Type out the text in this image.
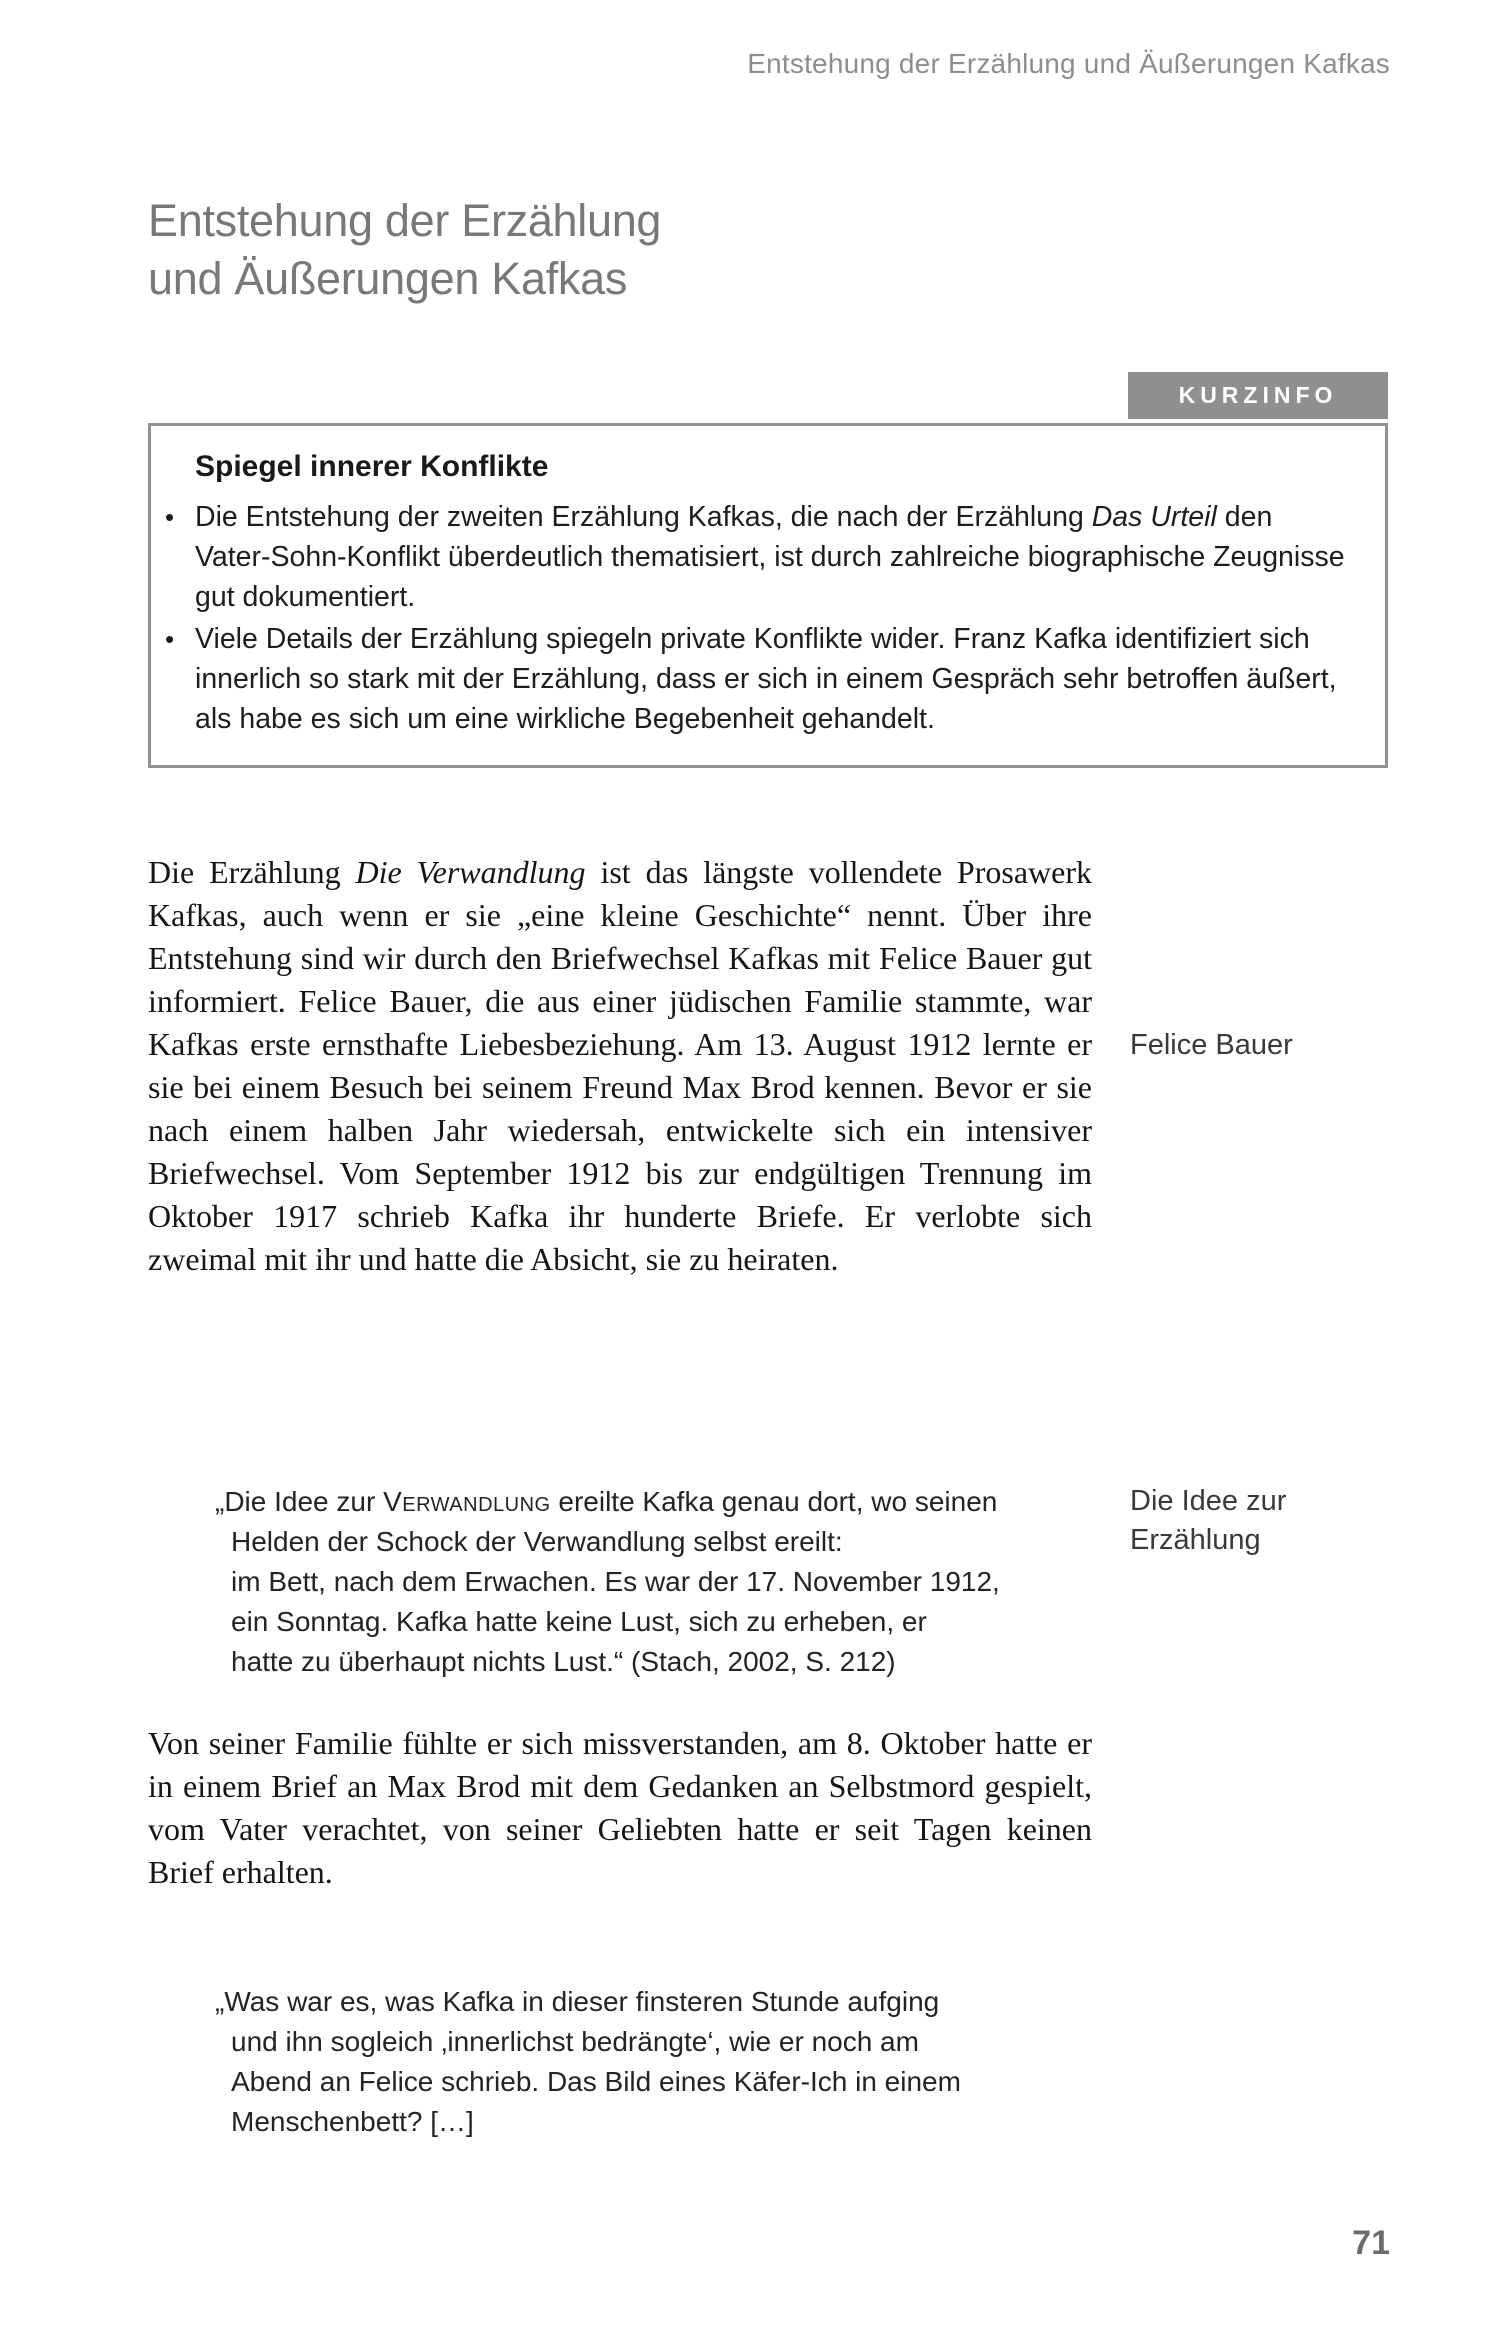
Entstehung der Erzählung und Äußerungen Kafkas
Entstehung der Erzählung
und Äußerungen Kafkas
KURZINFO
Spiegel innerer Konflikte
• Die Entstehung der zweiten Erzählung Kafkas, die nach der Erzählung Das Urteil den Vater-Sohn-Konflikt überdeutlich thematisiert, ist durch zahlreiche biographische Zeugnisse gut dokumentiert.
• Viele Details der Erzählung spiegeln private Konflikte wider. Franz Kafka identifiziert sich innerlich so stark mit der Erzählung, dass er sich in einem Gespräch sehr betroffen äußert, als habe es sich um eine wirkliche Begebenheit gehandelt.

Die Erzählung Die Verwandlung ist das längste vollendete Prosawerk Kafkas, auch wenn er sie „eine kleine Geschichte“ nennt. Über ihre Entstehung sind wir durch den Briefwechsel Kafkas mit Felice Bauer gut informiert. Felice Bauer, die aus einer jüdischen Familie stammte, war Kafkas erste ernsthafte Liebesbeziehung. Am 13. August 1912 lernte er sie bei einem Besuch bei seinem Freund Max Brod kennen. Bevor er sie nach einem halben Jahr wiedersah, entwickelte sich ein intensiver Briefwechsel. Vom September 1912 bis zur endgültigen Trennung im Oktober 1917 schrieb Kafka ihr hunderte Briefe. Er verlobte sich zweimal mit ihr und hatte die Absicht, sie zu heiraten.

Felice Bauer
„Die Idee zur Verwandlung ereilte Kafka genau dort, wo seinen
Helden der Schock der Verwandlung selbst ereilt:
im Bett, nach dem Erwachen. Es war der 17. November 1912,
ein Sonntag. Kafka hatte keine Lust, sich zu erheben, er
hatte zu überhaupt nichts Lust.“ (Stach, 2002, S. 212)
Die Idee zur Erzählung

Von seiner Familie fühlte er sich missverstanden, am 8. Oktober hatte er in einem Brief an Max Brod mit dem Gedanken an Selbstmord gespielt, vom Vater verachtet, von seiner Geliebten hatte er seit Tagen keinen Brief erhalten.

„Was war es, was Kafka in dieser finsteren Stunde aufging
und ihn sogleich ‚innerlichst bedrängte‘, wie er noch am
Abend an Felice schrieb. Das Bild eines Käfer-Ich in einem
Menschenbett? […]
71
